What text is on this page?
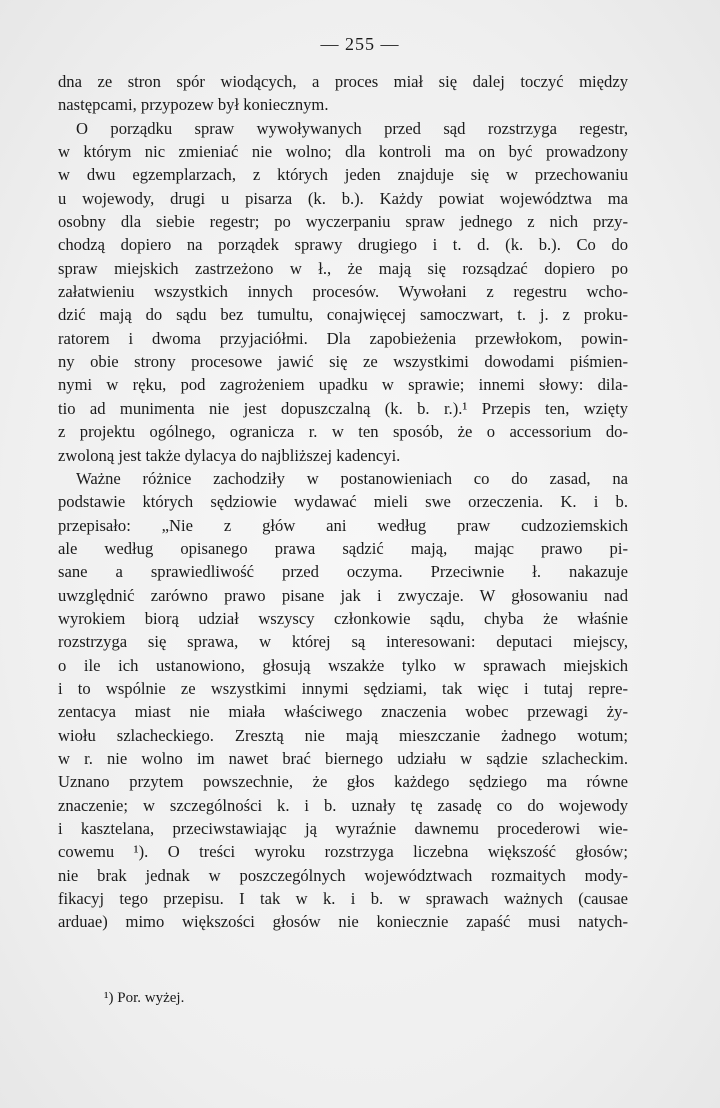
— 255 —
dna ze stron spór wiodących, a proces miał się dalej toczyć między
następcami, przypozew był koniecznym.
O porządku spraw wywoływanych przed sąd rozstrzyga regestr,
w którym nic zmieniać nie wolno; dla kontroli ma on być prowadzony
w dwu egzemplarzach, z których jeden znajduje się w przechowaniu
u wojewody, drugi u pisarza (k. b.). Każdy powiat województwa ma
osobny dla siebie regestr; po wyczerpaniu spraw jednego z nich przy-
chodzą dopiero na porządek sprawy drugiego i t. d. (k. b.). Co do
spraw miejskich zastrzeżono w ł., że mają się rozsądzać dopiero po
załatwieniu wszystkich innych procesów. Wywołani z regestru wcho-
dzić mają do sądu bez tumultu, conajwięcej samoczwart, t. j. z proku-
ratorem i dwoma przyjaciółmi. Dla zapobieżenia przewłokom, powin-
ny obie strony procesowe jawić się ze wszystkimi dowodami piśmien-
nymi w ręku, pod zagrożeniem upadku w sprawie; innemi słowy: dila-
tio ad munimenta nie jest dopuszczalną (k. b. r.).¹ Przepis ten, wzięty
z projektu ogólnego, ogranicza r. w ten sposób, że o accessorium do-
zwoloną jest także dylacya do najbliższej kadencyi.
Ważne różnice zachodziły w postanowieniach co do zasad, na
podstawie których sędziowie wydawać mieli swe orzeczenia. K. i b.
przepisało: „Nie z głów ani według praw cudzoziemskich
ale według opisanego prawa sądzić mają, mając prawo pi-
sane a sprawiedliwość przed oczyma. Przeciwnie ł. nakazuje
uwzględnić zarówno prawo pisane jak i zwyczaje. W głosowaniu nad
wyrokiem biorą udział wszyscy członkowie sądu, chyba że właśnie
rozstrzyga się sprawa, w której są interesowani: deputaci miejscy,
o ile ich ustanowiono, głosują wszakże tylko w sprawach miejskich
i to wspólnie ze wszystkimi innymi sędziami, tak więc i tutaj repre-
zentacya miast nie miała właściwego znaczenia wobec przewagi ży-
wiołu szlacheckiego. Zresztą nie mają mieszczanie żadnego wotum;
w r. nie wolno im nawet brać biernego udziału w sądzie szlacheckim.
Uznano przytem powszechnie, że głos każdego sędziego ma równe
znaczenie; w szczególności k. i b. uznały tę zasadę co do wojewody
i kasztelana, przeciwstawiając ją wyraźnie dawnemu procederowi wie-
cowemu ¹). O treści wyroku rozstrzyga liczebna większość głosów;
nie brak jednak w poszczególnych województwach rozmaitych mody-
fikacyj tego przepisu. I tak w k. i b. w sprawach ważnych (causae
arduae) mimo większości głosów nie koniecznie zapaść musi natych-
¹) Por. wyżej.
